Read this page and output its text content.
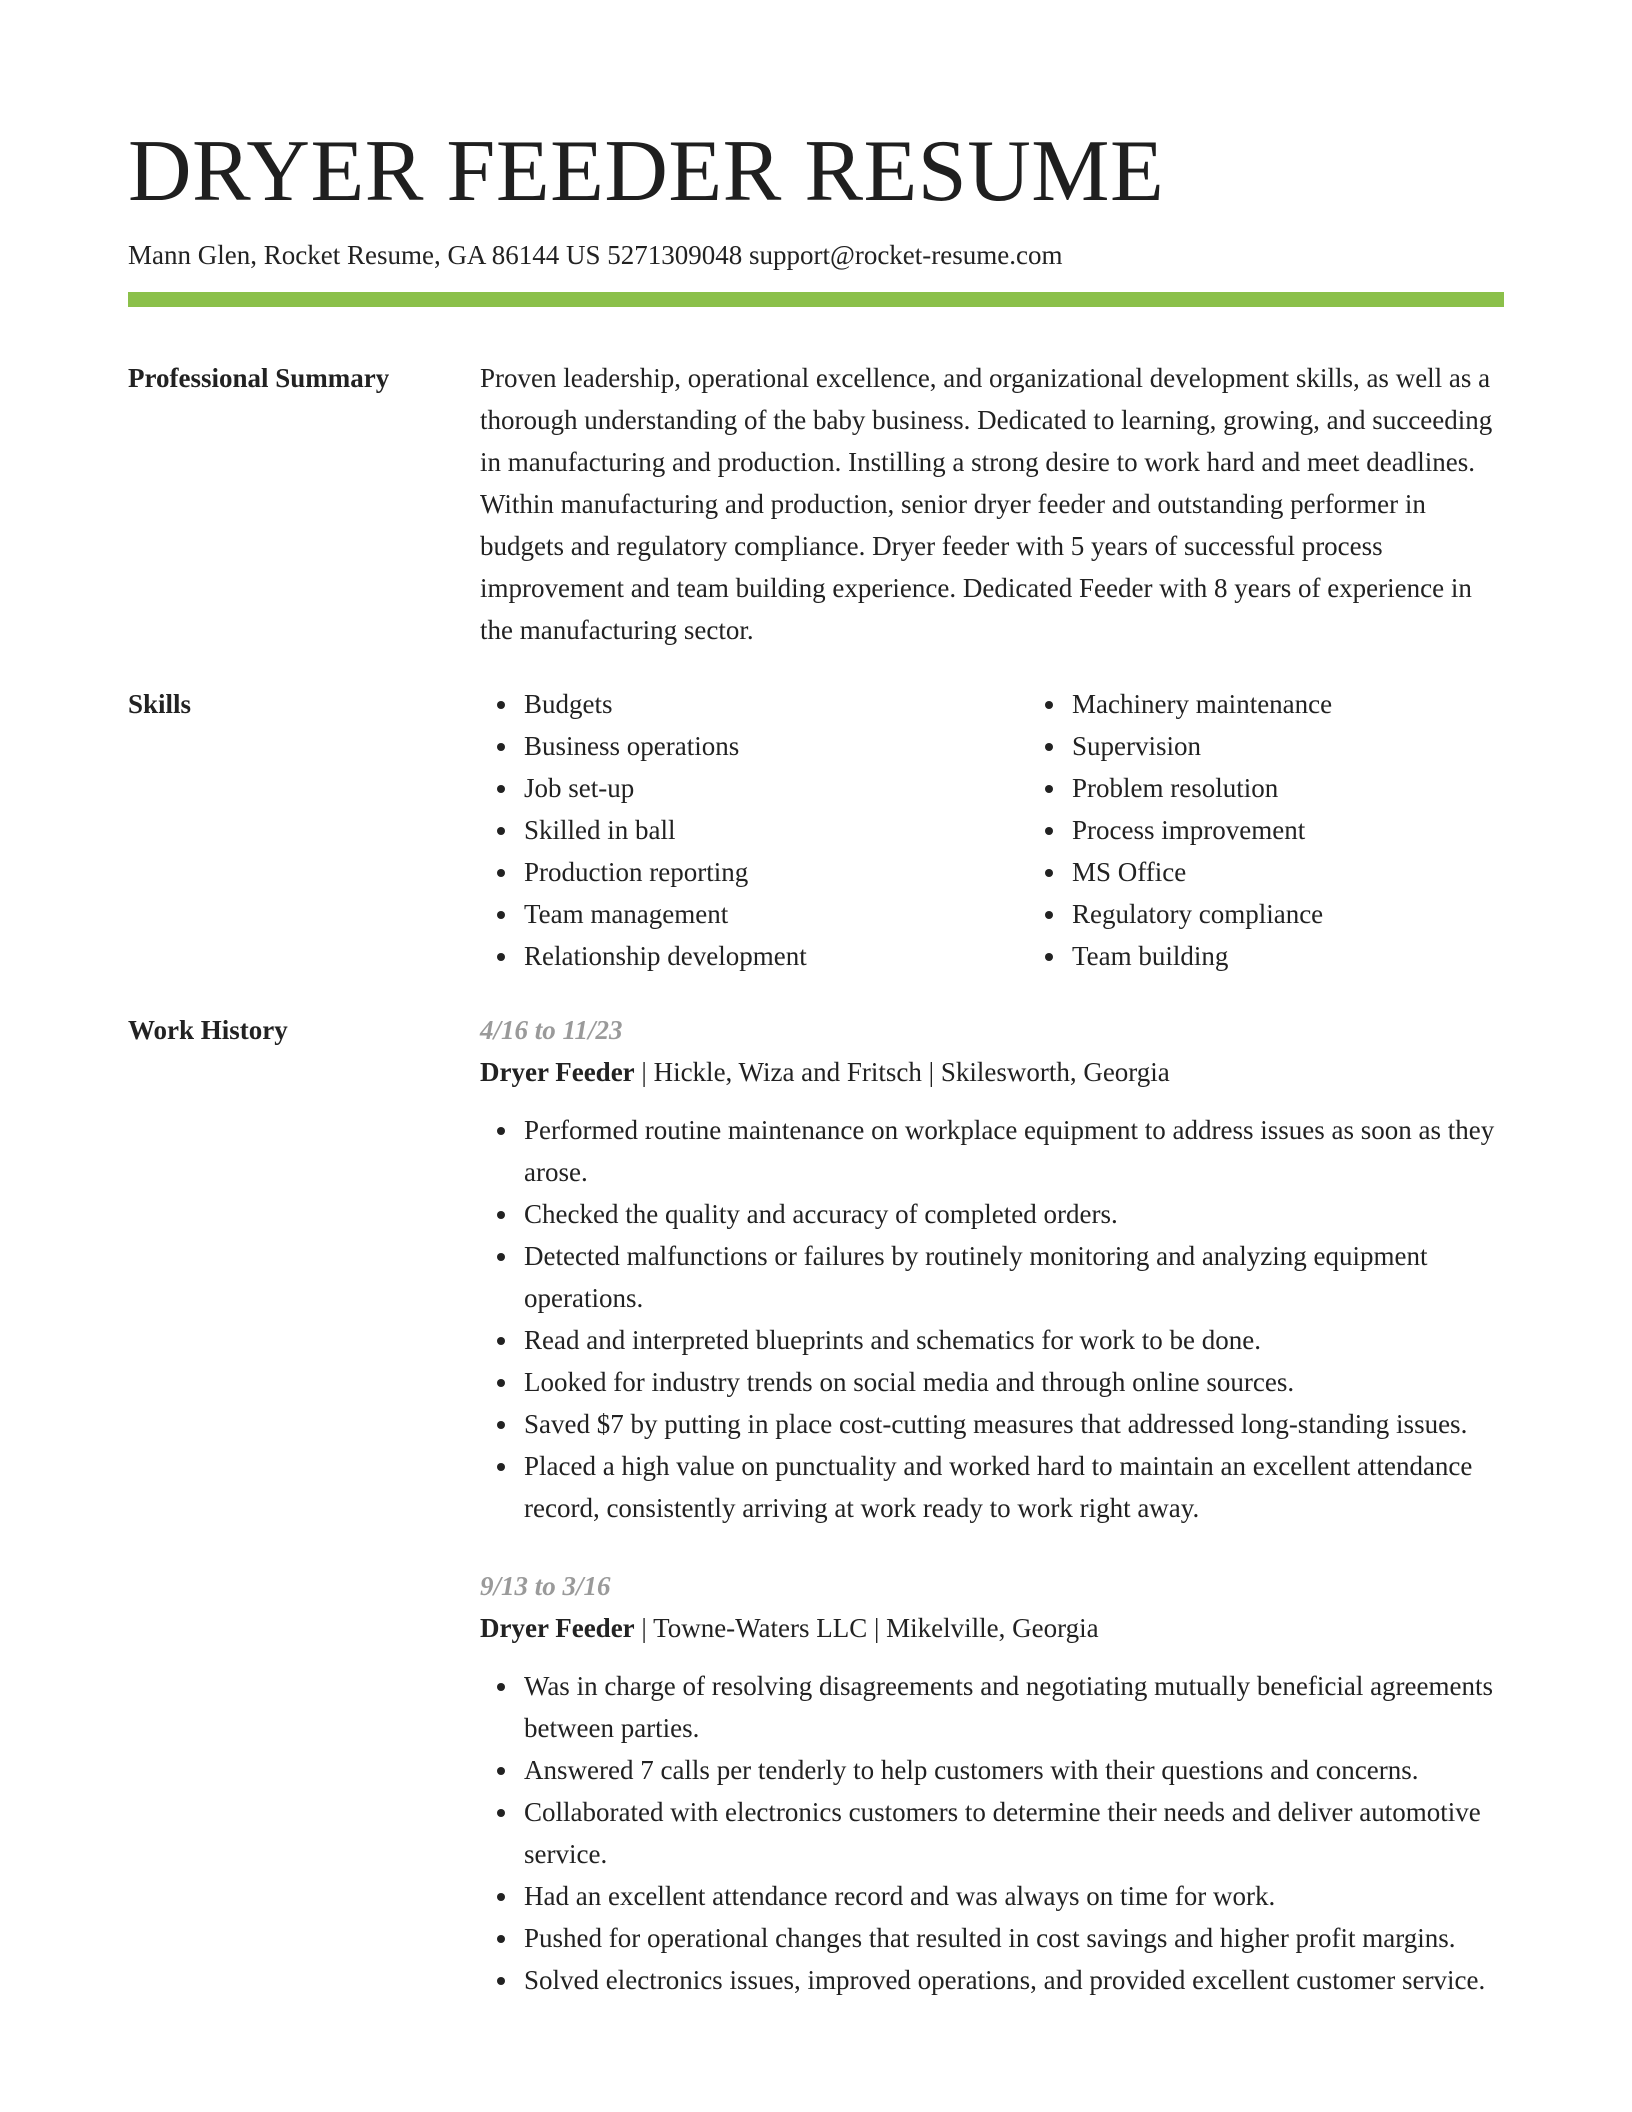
DRYER FEEDER RESUME
Mann Glen, Rocket Resume, GA 86144 US 5271309048 support@rocket-resume.com
Professional Summary	Proven leadership, operational excellence, and organizational development skills, as well as a thorough understanding of the baby business. Dedicated to learning, growing, and succeeding in manufacturing and production. Instilling a strong desire to work hard and meet deadlines. Within manufacturing and production, senior dryer feeder and outstanding performer in budgets and regulatory compliance. Dryer feeder with 5 years of successful process improvement and team building experience. Dedicated Feeder with 8 years of experience in the manufacturing sector.

Skills	Budgets
Business operations
Job set-up
Skilled in ball
Production reporting
Team management
Relationship development
Machinery maintenance
Supervision
Problem resolution
Process improvement
MS Office
Regulatory compliance
Team building
Work History	4/16 to 11/23
Dryer Feeder | Hickle, Wiza and Fritsch | Skilesworth, Georgia
Performed routine maintenance on workplace equipment to address issues as soon as they arose.
Checked the quality and accuracy of completed orders.
Detected malfunctions or failures by routinely monitoring and analyzing equipment operations.
Read and interpreted blueprints and schematics for work to be done.
Looked for industry trends on social media and through online sources.
Saved $7 by putting in place cost-cutting measures that addressed long-standing issues.
Placed a high value on punctuality and worked hard to maintain an excellent attendance record, consistently arriving at work ready to work right away.
9/13 to 3/16
Dryer Feeder | Towne-Waters LLC | Mikelville, Georgia
Was in charge of resolving disagreements and negotiating mutually beneficial agreements between parties.
Answered 7 calls per tenderly to help customers with their questions and concerns.
Collaborated with electronics customers to determine their needs and deliver automotive service.
Had an excellent attendance record and was always on time for work.
Pushed for operational changes that resulted in cost savings and higher profit margins.
Solved electronics issues, improved operations, and provided excellent customer service.
